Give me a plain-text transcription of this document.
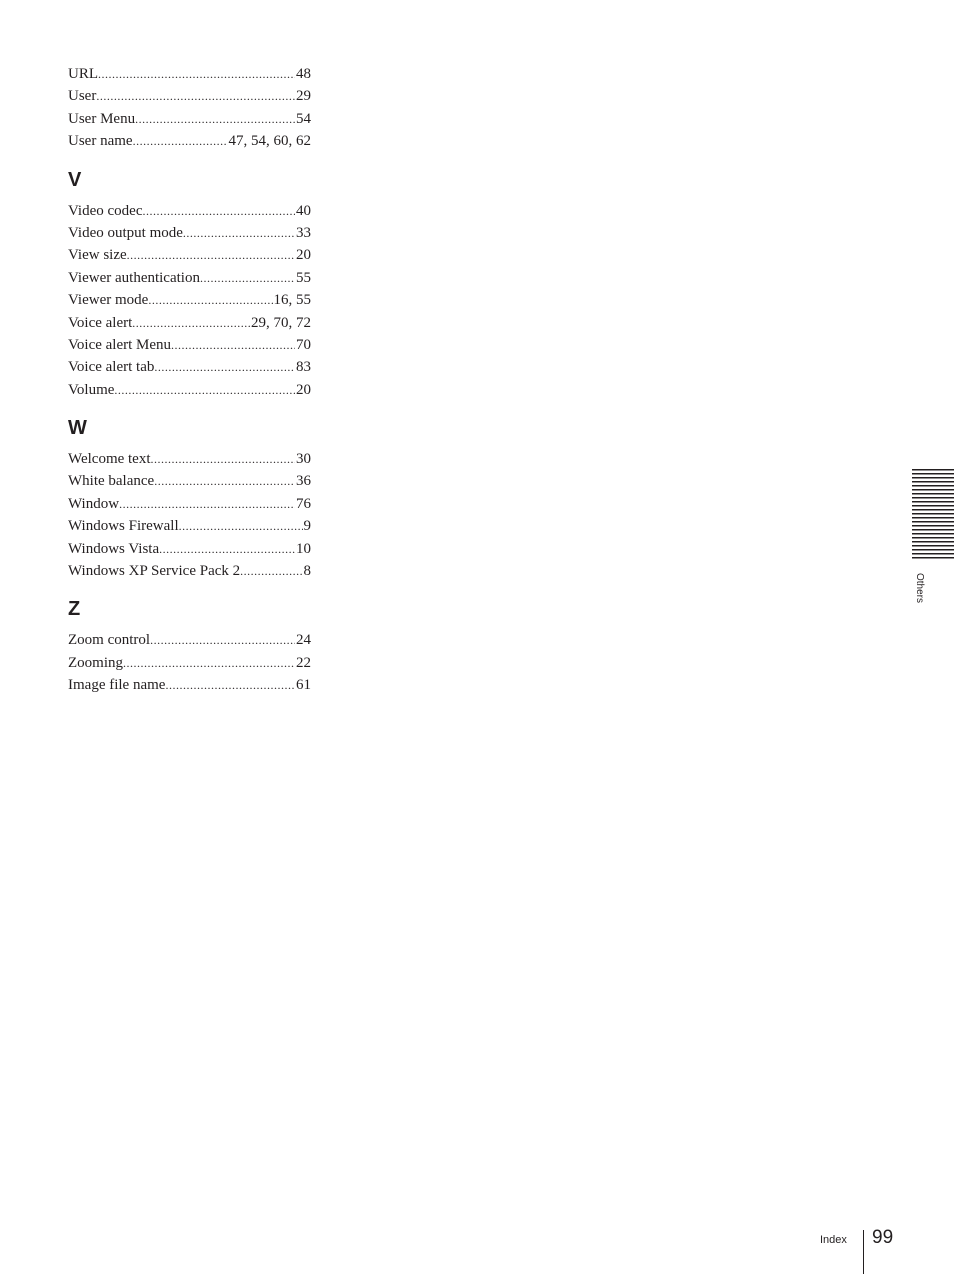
URL .....	48
User .....	29
User Menu .....	54
User name .....	47, 54, 60, 62
V
Video codec .....	40
Video output mode .....	33
View size .....	20
Viewer authentication .....	55
Viewer mode .....	16, 55
Voice alert .....	29, 70, 72
Voice alert Menu .....	70
Voice alert tab .....	83
Volume .....	20
W
Welcome text .....	30
White balance .....	36
Window .....	76
Windows Firewall .....	9
Windows Vista .....	10
Windows XP Service Pack 2 .....	8
Z
Zoom control .....	24
Zooming .....	22
Image file name .....	61
Others
Index 99
